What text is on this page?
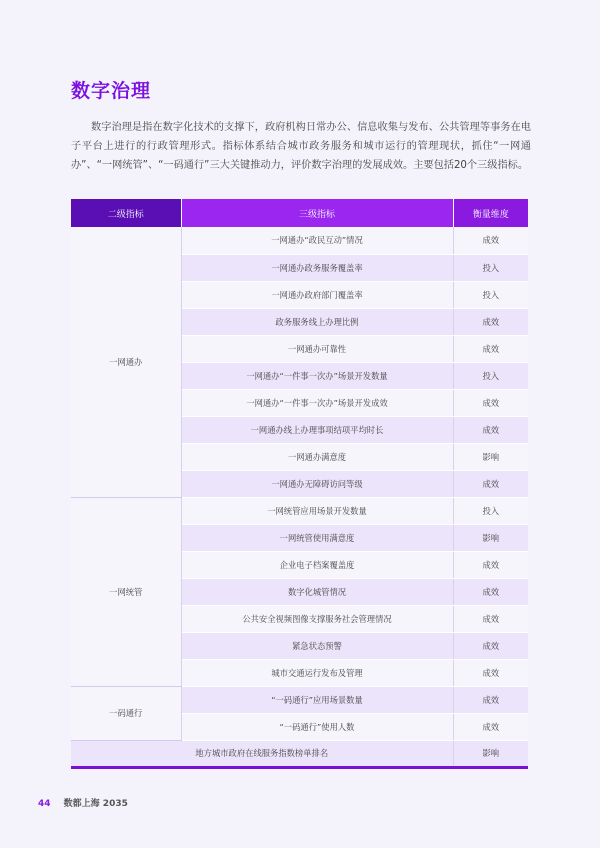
数字治理

数字治理是指在数字化技术的支撑下，政府机构日常办公、信息收集与发布、公共管理等事务在电子平台上进行的行政管理形式。指标体系结合城市政务服务和城市运行的管理现状，抓住“一网通办”、“一网统管”、“一码通行”三大关键推动力，评价数字治理的发展成效。主要包括20个三级指标。

二级指标	三级指标	衡量维度
一网通办	一网通办“政民互动”情况	成效
	一网通办政务服务覆盖率	投入
	一网通办政府部门覆盖率	投入
	政务服务线上办理比例	成效
	一网通办可靠性	成效
	一网通办“一件事一次办”场景开发数量	投入
	一网通办“一件事一次办”场景开发成效	成效
	一网通办线上办理事项结项平均时长	成效
	一网通办满意度	影响
	一网通办无障碍访问等级	成效
一网统管	一网统管应用场景开发数量	投入
	一网统管使用满意度	影响
	企业电子档案覆盖度	成效
	数字化城管情况	成效
	公共安全视频图像支撑服务社会管理情况	成效
	紧急状态预警	成效
	城市交通运行发布及管理	成效
一码通行	“一码通行”应用场景数量	成效
	“一码通行”使用人数	成效
地方城市政府在线服务指数榜单排名		影响
44 数都上海 2035
